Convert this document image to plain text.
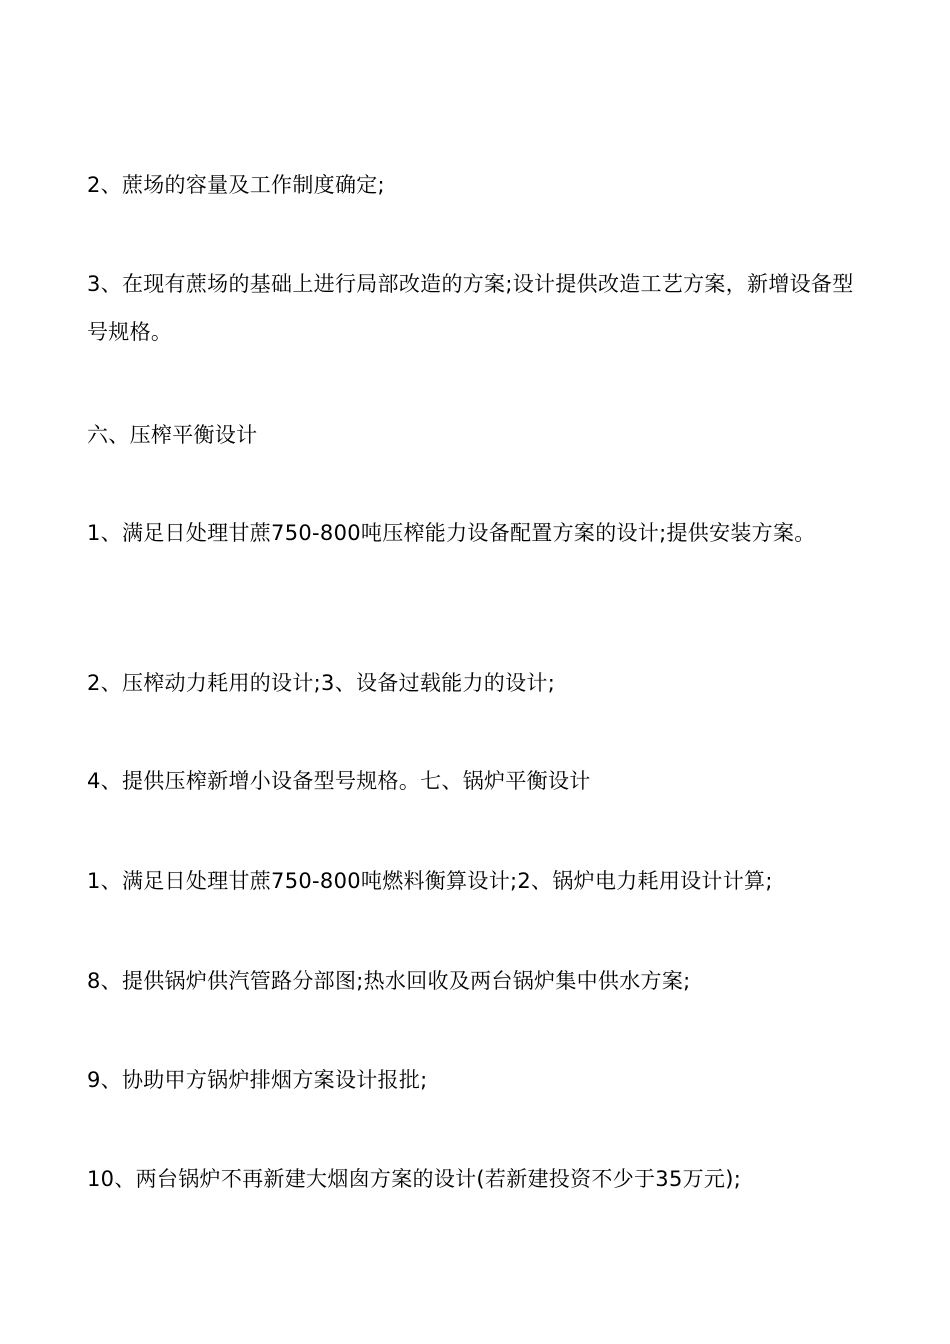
2、蔗场的容量及工作制度确定;

3、在现有蔗场的基础上进行局部改造的方案;设计提供改造工艺方案，新增设备型号规格。

六、压榨平衡设计

1、满足日处理甘蔗750-800吨压榨能力设备配置方案的设计;提供安装方案。

2、压榨动力耗用的设计;3、设备过载能力的设计;

4、提供压榨新增小设备型号规格。七、锅炉平衡设计

1、满足日处理甘蔗750-800吨燃料衡算设计;2、锅炉电力耗用设计计算;

8、提供锅炉供汽管路分部图;热水回收及两台锅炉集中供水方案;

9、协助甲方锅炉排烟方案设计报批;

10、两台锅炉不再新建大烟囱方案的设计(若新建投资不少于35万元);
